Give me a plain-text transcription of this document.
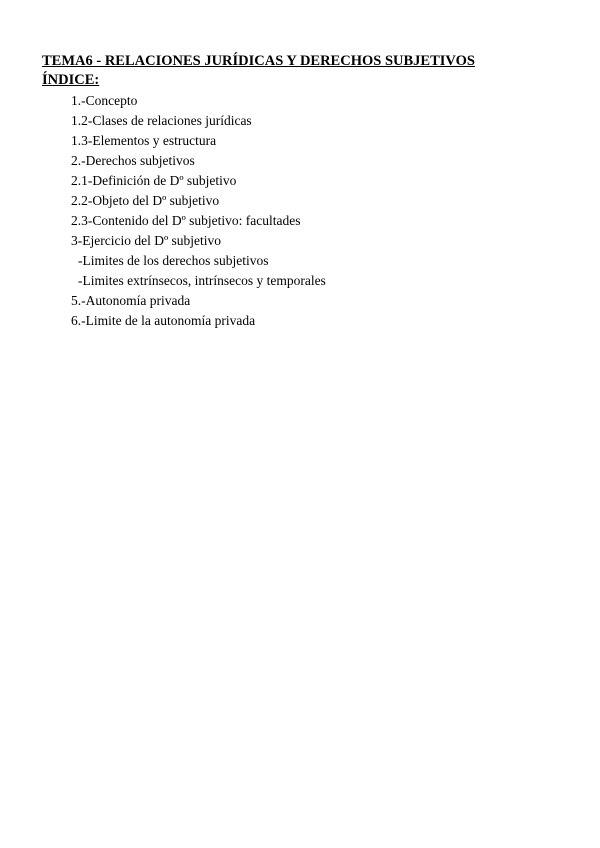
TEMA6 - RELACIONES JURÍDICAS Y DERECHOS SUBJETIVOS
ÍNDICE:
1.-Concepto
1.2-Clases de relaciones jurídicas
1.3-Elementos y estructura
2.-Derechos subjetivos
2.1-Definición de Dº subjetivo
2.2-Objeto del Dº subjetivo
2.3-Contenido del Dº subjetivo: facultades
3-Ejercicio del Dº subjetivo
-Limites de los derechos subjetivos
-Limites extrínsecos, intrínsecos y temporales
5.-Autonomía privada
6.-Limite de la autonomía privada
